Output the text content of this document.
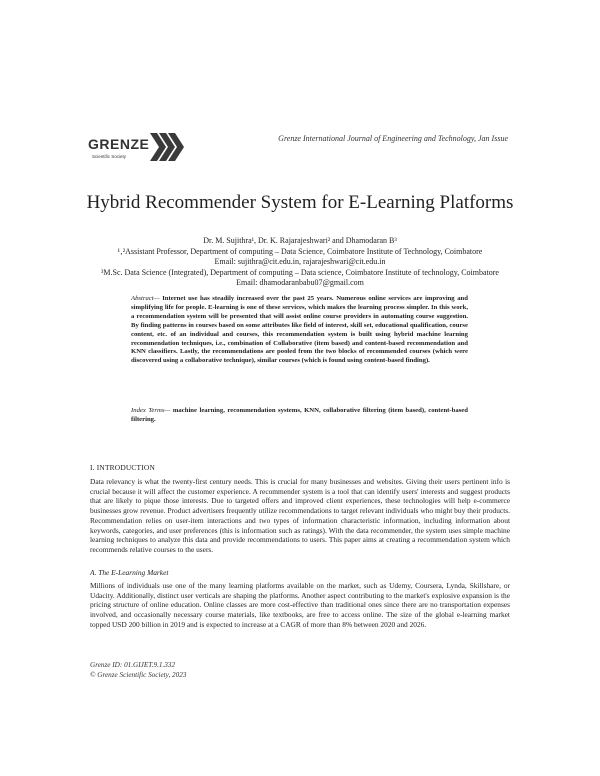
GRENZE
Scientific Society
Grenze International Journal of Engineering and Technology, Jan Issue
Hybrid Recommender System for E-Learning Platforms
Dr. M. Sujithra¹, Dr. K. Rajarajeshwari² and Dhamodaran B³
¹‚²Assistant Professor, Department of computing – Data Science, Coimbatore Institute of Technology, Coimbatore
Email: sujithra@cit.edu.in, rajarajeshwari@cit.edu.in
³M.Sc. Data Science (Integrated), Department of computing – Data science, Coimbatore Institute of technology, Coimbatore
Email: dhamodaranbabu07@gmail.com
Abstract— Internet use has steadily increased over the past 25 years. Numerous online services are improving and simplifying life for people. E-learning is one of these services, which makes the learning process simpler. In this work, a recommendation system will be presented that will assist online course providers in automating course suggestion. By finding patterns in courses based on some attributes like field of interest, skill set, educational qualification, course content, etc. of an individual and courses, this recommendation system is built using hybrid machine learning recommendation techniques, i.e., combination of Collaborative (item based) and content-based recommendation and KNN classifiers. Lastly, the recommendations are pooled from the two blocks of recommended courses (which were discovered using a collaborative technique), similar courses (which is found using content-based finding).
Index Terms— machine learning, recommendation systems, KNN, collaborative filtering (item based), content-based filtering.
I. INTRODUCTION
Data relevancy is what the twenty-first century needs. This is crucial for many businesses and websites. Giving their users pertinent info is crucial because it will affect the customer experience. A recommender system is a tool that can identify users' interests and suggest products that are likely to pique those interests. Due to targeted offers and improved client experiences, these technologies will help e-commerce businesses grow revenue. Product advertisers frequently utilize recommendations to target relevant individuals who might buy their products. Recommendation relies on user-item interactions and two types of information characteristic information, including information about keywords, categories, and user preferences (this is information such as ratings). With the data recommender, the system uses simple machine learning techniques to analyze this data and provide recommendations to users. This paper aims at creating a recommendation system which recommends relative courses to the users.
A. The E-Learning Market
Millions of individuals use one of the many learning platforms available on the market, such as Udemy, Coursera, Lynda, Skillshare, or Udacity. Additionally, distinct user verticals are shaping the platforms. Another aspect contributing to the market's explosive expansion is the pricing structure of online education. Online classes are more cost-effective than traditional ones since there are no transportation expenses involved, and occasionally necessary course materials, like textbooks, are free to access online. The size of the global e-learning market topped USD 200 billion in 2019 and is expected to increase at a CAGR of more than 8% between 2020 and 2026.
Grenze ID: 01.GIJET.9.1.332
© Grenze Scientific Society, 2023
